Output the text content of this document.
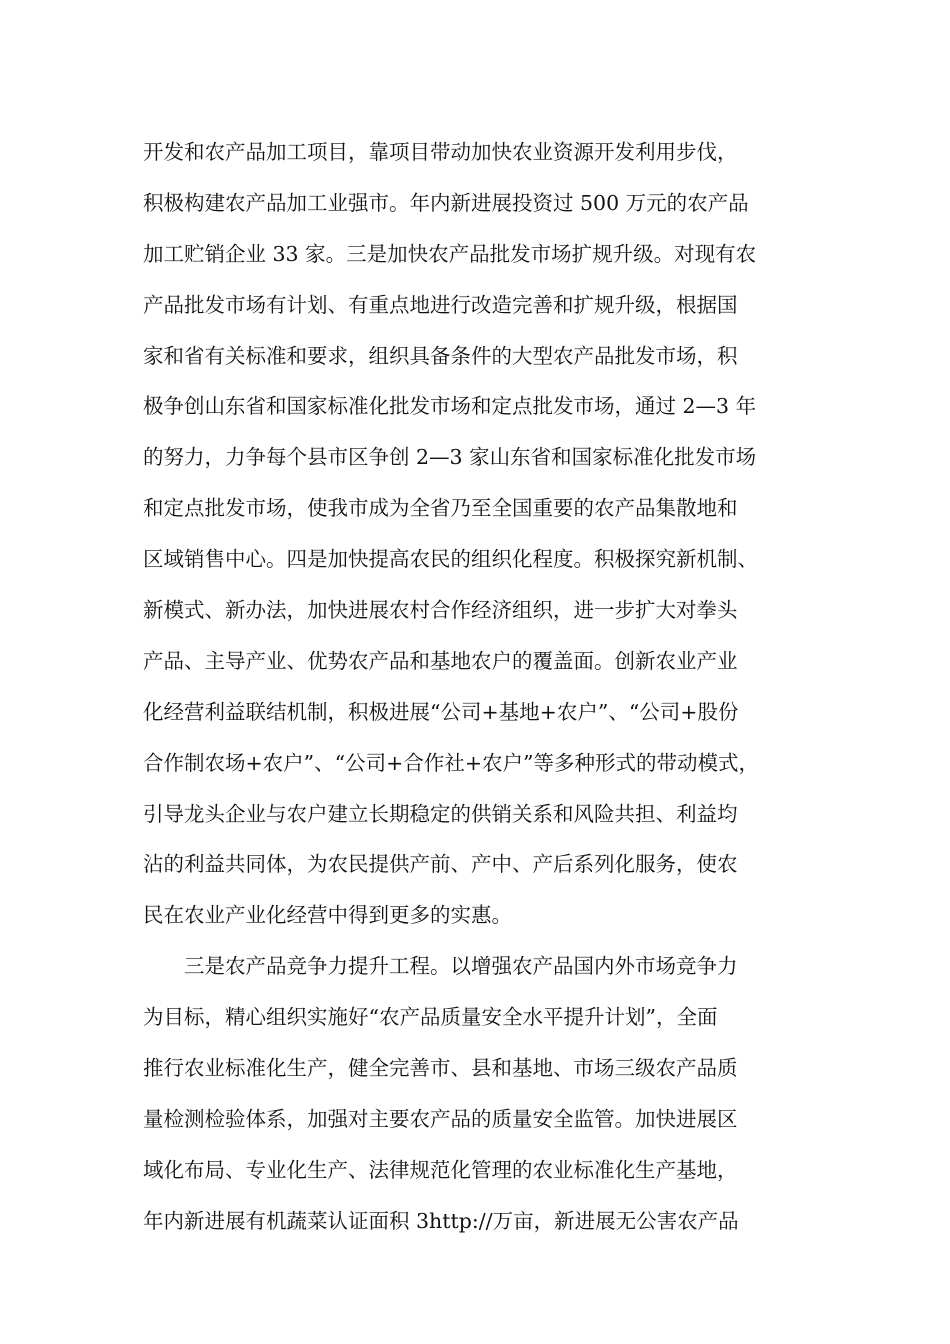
开发和农产品加工项目，靠项目带动加快农业资源开发利用步伐，
积极构建农产品加工业强市。年内新进展投资过 500 万元的农产品
加工贮销企业 33 家。三是加快农产品批发市场扩规升级。对现有农
产品批发市场有计划、有重点地进行改造完善和扩规升级，根据国
家和省有关标准和要求，组织具备条件的大型农产品批发市场，积
极争创山东省和国家标准化批发市场和定点批发市场，通过 2—3 年
的努力，力争每个县市区争创 2—3 家山东省和国家标准化批发市场
和定点批发市场，使我市成为全省乃至全国重要的农产品集散地和
区域销售中心。四是加快提高农民的组织化程度。积极探究新机制、
新模式、新办法，加快进展农村合作经济组织，进一步扩大对拳头
产品、主导产业、优势农产品和基地农户的覆盖面。创新农业产业
化经营利益联结机制，积极进展“公司+基地+农户”、“公司+股份
合作制农场+农户”、“公司+合作社+农户”等多种形式的带动模式，
引导龙头企业与农户建立长期稳定的供销关系和风险共担、利益均
沾的利益共同体，为农民提供产前、产中、产后系列化服务，使农
民在农业产业化经营中得到更多的实惠。
三是农产品竞争力提升工程。以增强农产品国内外市场竞争力
为目标，精心组织实施好“农产品质量安全水平提升计划”，全面
推行农业标准化生产，健全完善市、县和基地、市场三级农产品质
量检测检验体系，加强对主要农产品的质量安全监管。加快进展区
域化布局、专业化生产、法律规范化管理的农业标准化生产基地，
年内新进展有机蔬菜认证面积 3http://万亩，新进展无公害农产品
